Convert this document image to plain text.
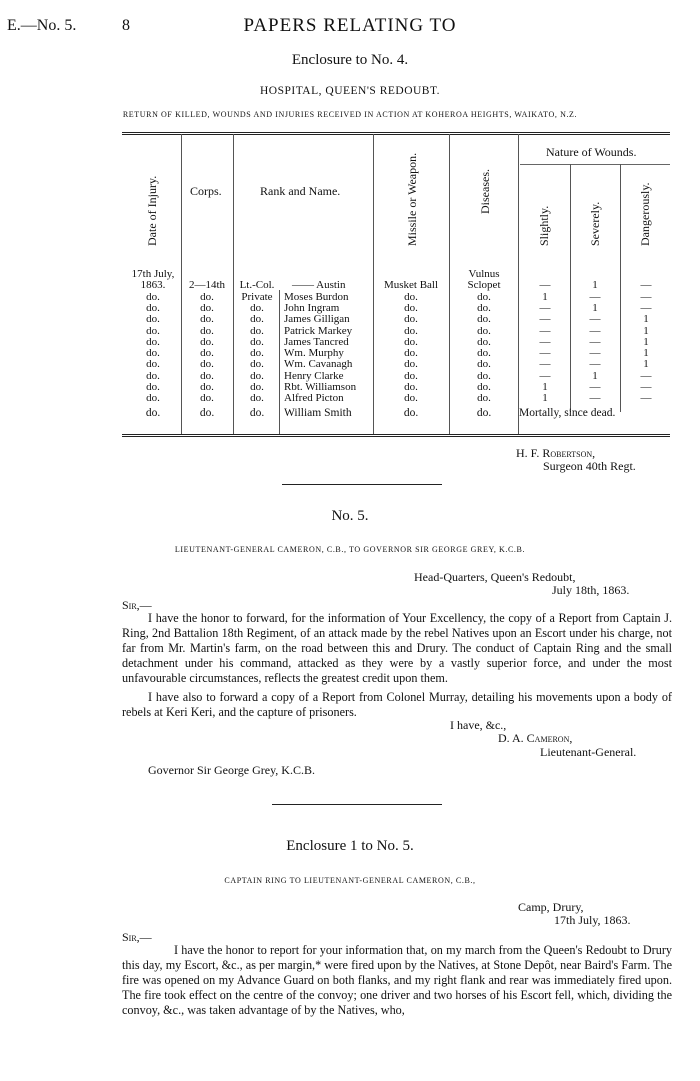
E.—No. 5.	8	PAPERS RELATING TO
Enclosure to No. 4.
HOSPITAL, QUEEN'S REDOUBT.
RETURN OF KILLED, WOUNDS AND INJURIES RECEIVED IN ACTION AT KOHEROA HEIGHTS, WAIKATO, N.Z.
Date of Injury.	Corps.	Rank and Name.	Missile or Weapon.	Diseases.
Nature of Wounds.
Slightly.	Severely.	Dangerously.
17th July,	Vulnus
1863.	2—14th	Lt.-Col.	—— Austin	Musket Ball	Sclopet	—	1	—
do.	do.	Private	Moses Burdon	do.	do.	1	—	—
do.	do.	do.	John Ingram	do.	do.	—	1	—
do.	do.	do.	James Gilligan	do.	do.	—	—	1
do.	do.	do.	Patrick Markey	do.	do.	—	—	1
do.	do.	do.	James Tancred	do.	do.	—	—	1
do.	do.	do.	Wm. Murphy	do.	do.	—	—	1
do.	do.	do.	Wm. Cavanagh	do.	do.	—	—	1
do.	do.	do.	Henry Clarke	do.	do.	—	1	—
do.	do.	do.	Rbt. Williamson	do.	do.	1	—	—
do.	do.	do.	Alfred Picton	do.	do.	1	—	—
do.	do.	do.	William Smith	do.	do.	Mortally, since dead.
H. F. Robertson,
Surgeon 40th Regt.
No. 5.
LIEUTENANT-GENERAL CAMERON, C.B., TO GOVERNOR SIR GEORGE GREY, K.C.B.
Head-Quarters, Queen's Redoubt,
July 18th, 1863.
Sir,—
I have the honor to forward, for the information of Your Excellency, the copy of a Report from Captain J. Ring, 2nd Battalion 18th Regiment, of an attack made by the rebel Natives upon an Escort under his charge, not far from Mr. Martin's farm, on the road between this and Drury. The conduct of Captain Ring and the small detachment under his command, attacked as they were by a vastly superior force, and under the most unfavourable circumstances, reflects the greatest credit upon them.
I have also to forward a copy of a Report from Colonel Murray, detailing his movements upon a body of rebels at Keri Keri, and the capture of prisoners.
I have, &c.,
D. A. Cameron,
Lieutenant-General.
Governor Sir George Grey, K.C.B.
Enclosure 1 to No. 5.
CAPTAIN RING TO LIEUTENANT-GENERAL CAMERON, C.B.,
Camp, Drury,
17th July, 1863.
Sir,—
I have the honor to report for your information that, on my march from the Queen's Redoubt to Drury this day, my Escort, &c., as per margin,* were fired upon by the Natives, at Stone Depôt, near Baird's Farm. The fire was opened on my Advance Guard on both flanks, and my right flank and rear was immediately fired upon. The fire took effect on the centre of the convoy; one driver and two horses of his Escort fell, which, dividing the convoy, &c., was taken advantage of by the Natives, who,
